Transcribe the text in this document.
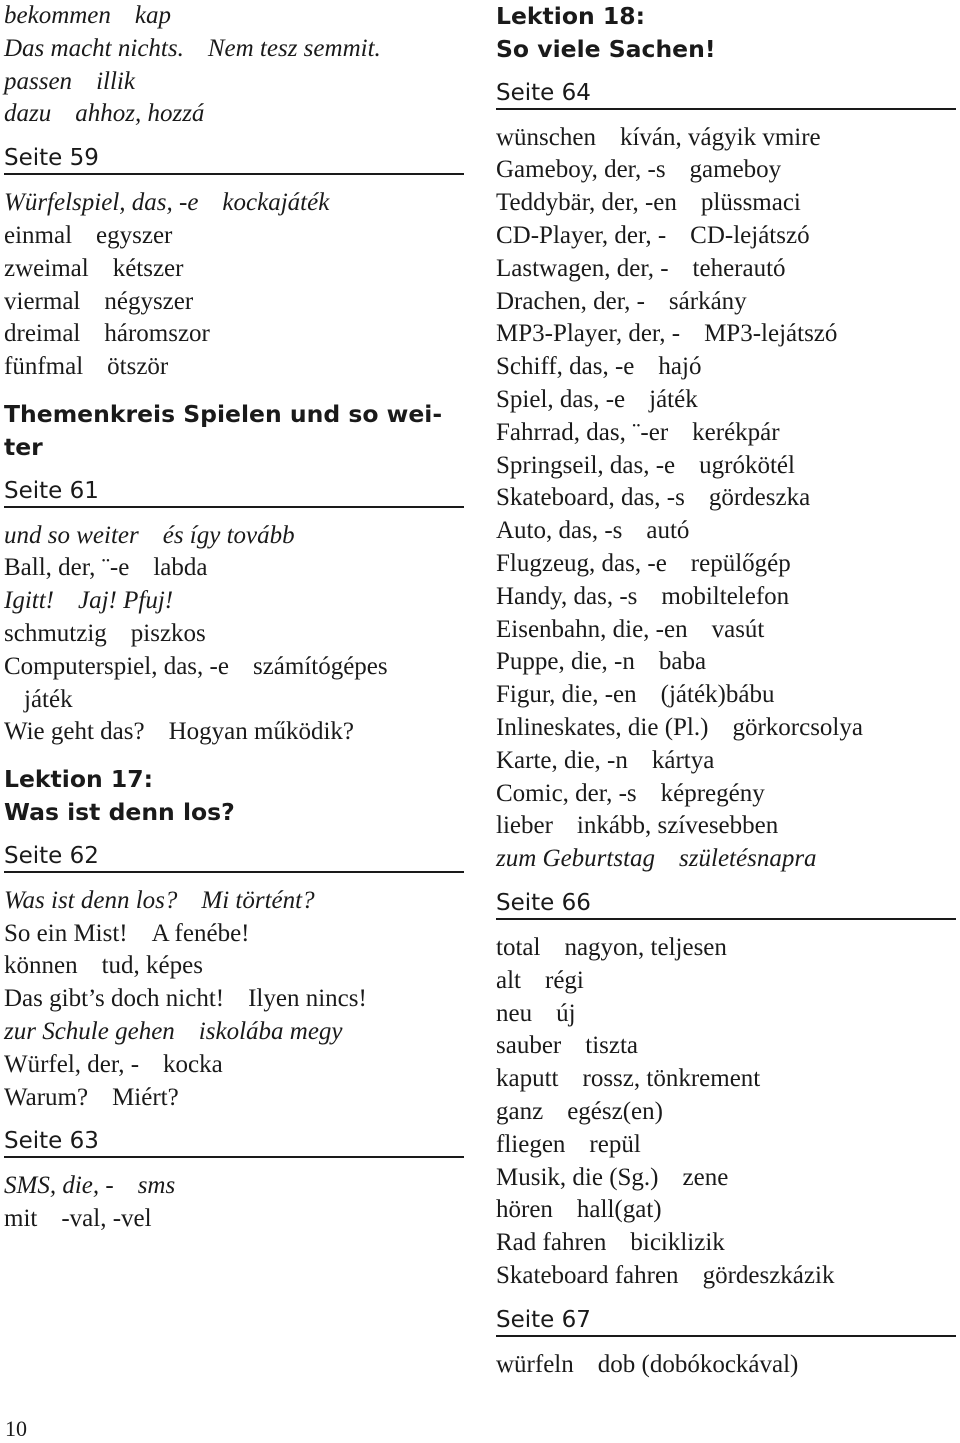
bekommen kap
Das macht nichts. Nem tesz semmit.
passen illik
dazu ahhoz, hozzá
Seite 59
Würfelspiel, das, -e kockajáték
einmal egyszer
zweimal kétszer
viermal négyszer
dreimal háromszor
fünfmal ötször
Themenkreis Spielen und so wei-
ter
Seite 61
und so weiter és így tovább
Ball, der, ¨-e labda
Igitt! Jaj! Pfuj!
schmutzig piszkos
Computerspiel, das, -e számítógépes
játék
Wie geht das? Hogyan működik?
Lektion 17:
Was ist denn los?
Seite 62
Was ist denn los? Mi történt?
So ein Mist! A fenébe!
können tud, képes
Das gibt’s doch nicht! Ilyen nincs!
zur Schule gehen iskolába megy
Würfel, der, - kocka
Warum? Miért?
Seite 63
SMS, die, - sms
mit -val, -vel
Lektion 18:
So viele Sachen!
Seite 64
wünschen kíván, vágyik vmire
Gameboy, der, -s gameboy
Teddybär, der, -en plüssmaci
CD-Player, der, - CD-lejátszó
Lastwagen, der, - teherautó
Drachen, der, - sárkány
MP3-Player, der, - MP3-lejátszó
Schiff, das, -e hajó
Spiel, das, -e játék
Fahrrad, das, ¨-er kerékpár
Springseil, das, -e ugrókötél
Skateboard, das, -s gördeszka
Auto, das, -s autó
Flugzeug, das, -e repülőgép
Handy, das, -s mobiltelefon
Eisenbahn, die, -en vasút
Puppe, die, -n baba
Figur, die, -en (játék)bábu
Inlineskates, die (Pl.) görkorcsolya
Karte, die, -n kártya
Comic, der, -s képregény
lieber inkább, szívesebben
zum Geburtstag születésnapra
Seite 66
total nagyon, teljesen
alt régi
neu új
sauber tiszta
kaputt rossz, tönkrement
ganz egész(en)
fliegen repül
Musik, die (Sg.) zene
hören hall(gat)
Rad fahren biciklizik
Skateboard fahren gördeszkázik
Seite 67
würfeln dob (dobókockával)
10
